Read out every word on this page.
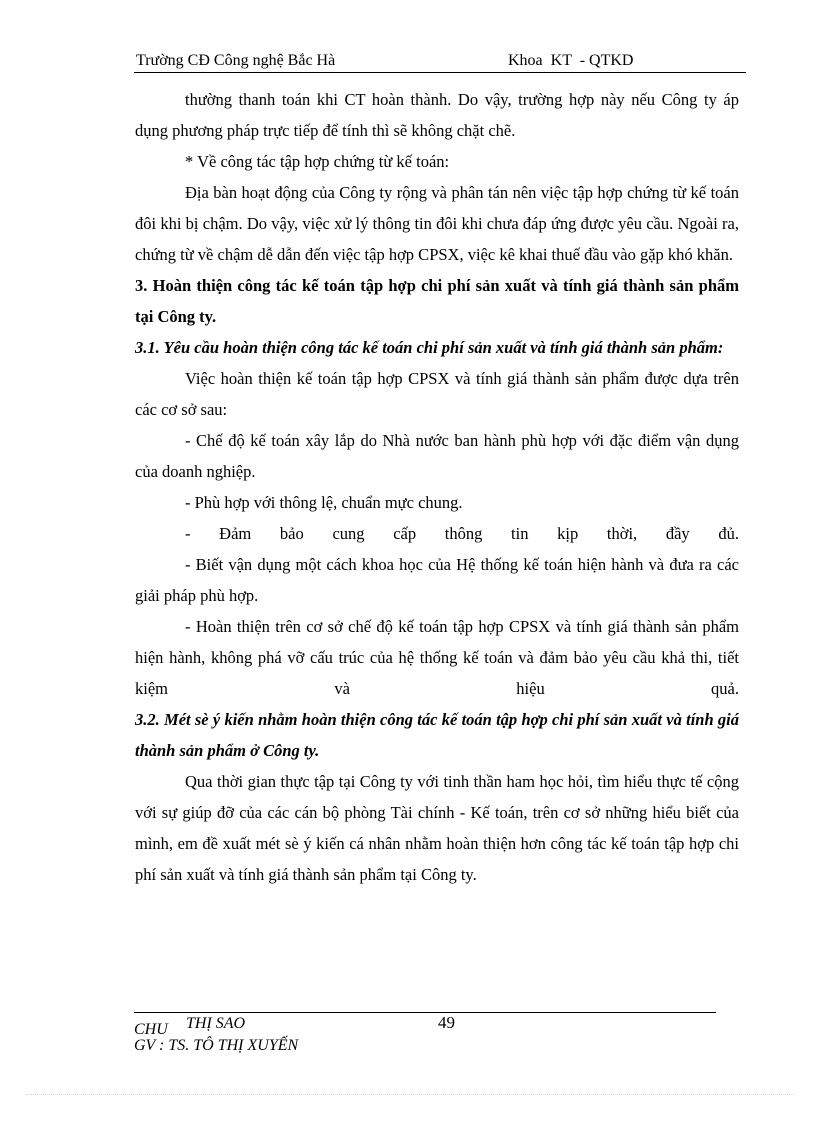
Trường CĐ Công nghệ Bắc Hà	Khoa  KT  - QTKD

thường thanh toán khi CT hoàn thành. Do vậy, trường hợp này nếu Công ty áp dụng phương pháp trực tiếp để tính thì sẽ không chặt chẽ.

* Về công tác tập hợp chứng từ kế toán:

Địa bàn hoạt động của Công ty rộng và phân tán nên việc tập hợp chứng từ kế toán đôi khi bị chậm. Do vậy, việc xử lý thông tin đôi khi chưa đáp ứng được yêu cầu. Ngoài ra, chứng từ về chậm dễ dẫn đến việc tập hợp CPSX, việc kê khai thuế đầu vào gặp khó khăn.

3. Hoàn thiện công tác kế toán tập hợp chi phí sản xuất và tính giá thành sản phẩm tại Công ty.

3.1. Yêu cầu hoàn thiện công tác kế toán chi phí sản xuất và tính giá thành sản phẩm:

Việc hoàn thiện kế toán tập hợp CPSX và tính giá thành sản phẩm được dựa trên các cơ sở sau:

- Chế độ kế toán xây lắp do Nhà nước ban hành phù hợp với đặc điểm vận dụng của doanh nghiệp.

- Phù hợp với thông lệ, chuẩn mực chung.

- Đảm bảo cung cấp thông tin kịp thời, đầy đủ.

- Biết vận dụng một cách khoa học của Hệ thống kế toán hiện hành và đưa ra các giải pháp phù hợp.

- Hoàn thiện trên cơ sở chế độ kế toán tập hợp CPSX và tính giá thành sản phẩm hiện hành, không phá vỡ cấu trúc của hệ thống kế toán và đảm bảo yêu cầu khả thi, tiết kiệm và hiệu quả.

3.2. Mét sè ý kiến nhằm hoàn thiện công tác kế toán tập hợp chi phí sản xuất và tính giá thành sản phẩm ở Công ty.

Qua thời gian thực tập tại Công ty với tinh thần ham học hỏi, tìm hiểu thực tế cộng với sự giúp đỡ của các cán bộ phòng Tài chính - Kế toán, trên cơ sở những hiểu biết của mình, em đề xuất mét sè ý kiến cá nhân nhằm hoàn thiện hơn công tác kế toán tập hợp chi phí sản xuất và tính giá thành sản phẩm tại Công ty.

CHU THỊ SAO
GV : TS. TÔ THỊ XUYẾN
49
